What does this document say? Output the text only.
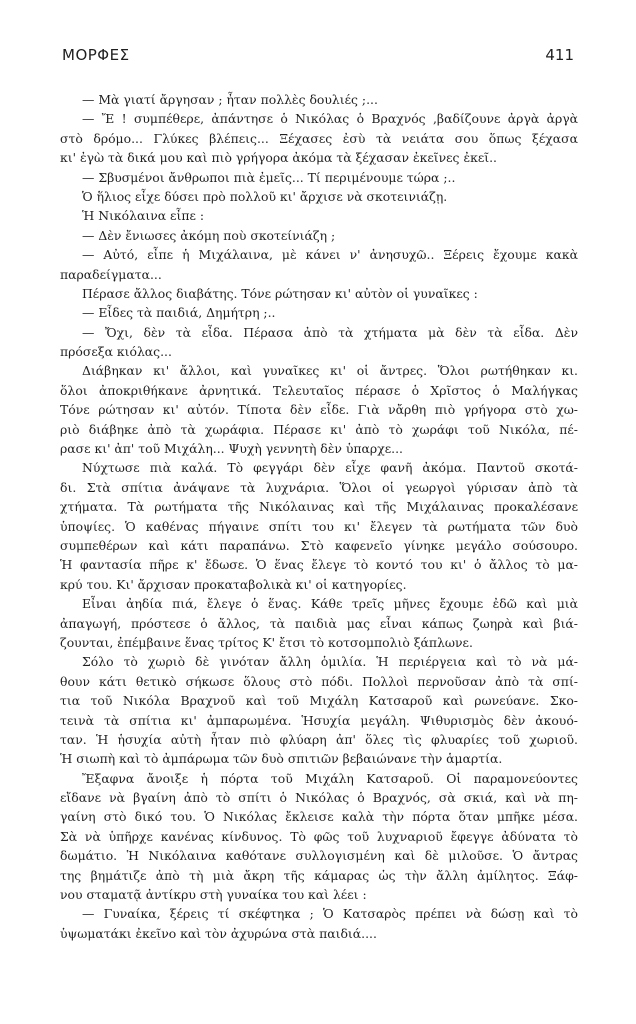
ΜΟΡΦΕΣ	411
— Μὰ γιατί ἄργησαν ; ἦταν πολλὲς δουλιές ;...
— Ἔ ! συμπέθερε, ἀπάντησε ὁ Νικόλας ὁ Βραχνός ,βαδίζουνε ἀργὰ ἀργὰ
στὸ δρόμο... Γλύκες βλέπεις... Ξέχασες ἐσὺ τὰ νειάτα σου ὅπως ξέχασα
κι' ἐγὼ τὰ δικά μου καὶ πιὸ γρήγορα ἀκόμα τὰ ξέχασαν ἐκεῖνες ἐκεῖ..
— Σβυσμένοι ἄνθρωποι πιὰ ἐμεῖς... Τί περιμένουμε τώρα ;..
Ὁ ἥλιος εἶχε δύσει πρὸ πολλοῦ κι' ἄρχισε νὰ σκοτεινιάζῃ.
Ἡ Νικόλαινα εἶπε :
— Δὲν ἔνιωσες ἀκόμη ποὺ σκοτείνιάζη ;
— Αὐτό, εἶπε ἡ Μιχάλαινα, μὲ κάνει ν' ἀνησυχῶ.. Ξέρεις ἔχουμε κακὰ
παραδείγματα...
Πέρασε ἄλλος διαβάτης. Τόνε ρώτησαν κι' αὐτὸν οἱ γυναῖκες :
— Εἶδες τὰ παιδιά, Δημήτρη ;..
— Ὄχι, δὲν τὰ εἶδα. Πέρασα ἀπὸ τὰ χτήματα μὰ δὲν τὰ εἶδα. Δὲν
πρόσεξα κιόλας...
Διάβηκαν κι' ἄλλοι, καὶ γυναῖκες κι' οἱ ἄντρες. Ὅλοι ρωτήθηκαν κι.
ὅλοι ἀποκριθήκανε ἀρνητικά. Τελευταῖος πέρασε ὁ Χρῖστος ὁ Μαλήγκας
Τόνε ρώτησαν κι' αὐτόν. Τίποτα δὲν εἶδε. Γιὰ νἄρθη πιὸ γρήγορα στὸ χω-
ριὸ διάβηκε ἀπὸ τὰ χωράφια. Πέρασε κι' ἀπὸ τὸ χωράφι τοῦ Νικόλα, πέ-
ρασε κι' ἀπ' τοῦ Μιχάλη... Ψυχὴ γεννητὴ δὲν ὑπαρχε...
Νύχτωσε πιὰ καλά. Τὸ φεγγάρι δὲν εἶχε φανῆ ἀκόμα. Παντοῦ σκοτά-
δι. Στὰ σπίτια ἀνάψανε τὰ λυχνάρια. Ὅλοι οἱ γεωργοὶ γύρισαν ἀπὸ τὰ
χτήματα. Τὰ ρωτήματα τῆς Νικόλαινας καὶ τῆς Μιχάλαινας προκαλέσανε
ὑποψίες. Ὁ καθένας πήγαινε σπίτι του κι' ἔλεγεν τὰ ρωτήματα τῶν δυὸ
συμπεθέρων καὶ κάτι παραπάνω. Στὸ καφενεῖο γίνηκε μεγάλο σούσουρο.
Ἡ φαντασία πῆρε κ' ἔδωσε. Ὁ ἕνας ἔλεγε τὸ κοντό του κι' ὁ ἄλλος τὸ μα-
κρύ του. Κι' ἄρχισαν προκαταβολικὰ κι' οἱ κατηγορίες.
Εἶναι ἀηδία πιά, ἔλεγε ὁ ἕνας. Κάθε τρεῖς μῆνες ἔχουμε ἐδῶ καὶ μιὰ
ἀπαγωγή, πρόστεσε ὁ ἄλλος, τὰ παιδιὰ μας εἶναι κάπως ζωηρὰ καὶ βιά-
ζουνται, ἐπέμβαινε ἕνας τρίτος Κ' ἔτσι τὸ κοτσομπολιὸ ξάπλωνε.
Σόλο τὸ χωριὸ δὲ γινόταν ἄλλη ὁμιλία. Ἡ περιέργεια καὶ τὸ νὰ μά-
θουν κάτι θετικὸ σήκωσε ὅλους στὸ πόδι. Πολλοὶ περνοῦσαν ἀπὸ τὰ σπί-
τια τοῦ Νικόλα Βραχνοῦ καὶ τοῦ Μιχάλη Κατσαροῦ καὶ ρωνεύανε. Σκο-
τεινὰ τὰ σπίτια κι' ἀμπαρωμένα. Ἡσυχία μεγάλη. Ψιθυρισμὸς δὲν ἀκουό-
ταν. Ἡ ἡσυχία αὐτὴ ἦταν πιὸ φλύαρη ἀπ' ὅλες τὶς φλυαρίες τοῦ χωριοῦ.
Ἡ σιωπὴ καὶ τὸ ἀμπάρωμα τῶν δυὸ σπιτιῶν βεβαιώνανε τὴν ἁμαρτία.
Ἔξαφνα ἄνοιξε ἡ πόρτα τοῦ Μιχάλη Κατσαροῦ. Οἱ παραμονεύοντες
εἴδανε νὰ βγαίνη ἀπὸ τὸ σπίτι ὁ Νικόλας ὁ Βραχνός, σὰ σκιά, καὶ νὰ πη-
γαίνη στὸ δικό του. Ὁ Νικόλας ἔκλεισε καλὰ τὴν πόρτα ὅταν μπῆκε μέσα.
Σὰ νὰ ὑπῆρχε κανένας κίνδυνος. Τὸ φῶς τοῦ λυχναριοῦ ἔφεγγε ἀδύνατα τὸ
δωμάτιο. Ἡ Νικόλαινα καθότανε συλλογισμένη καὶ δὲ μιλοῦσε. Ὁ ἄντρας
της βημάτιζε ἀπὸ τὴ μιὰ ἄκρη τῆς κάμαρας ὡς τὴν ἄλλη ἀμίλητος. Ξάφ-
νου σταματᾷ ἀντίκρυ στὴ γυναίκα του καὶ λέει :
— Γυναίκα, ξέρεις τί σκέφτηκα ; Ὁ Κατσαρὸς πρέπει νὰ δώσῃ καὶ τὸ
ὑψωματάκι ἐκεῖνο καὶ τὸν ἀχυρώνα στὰ παιδιά....
